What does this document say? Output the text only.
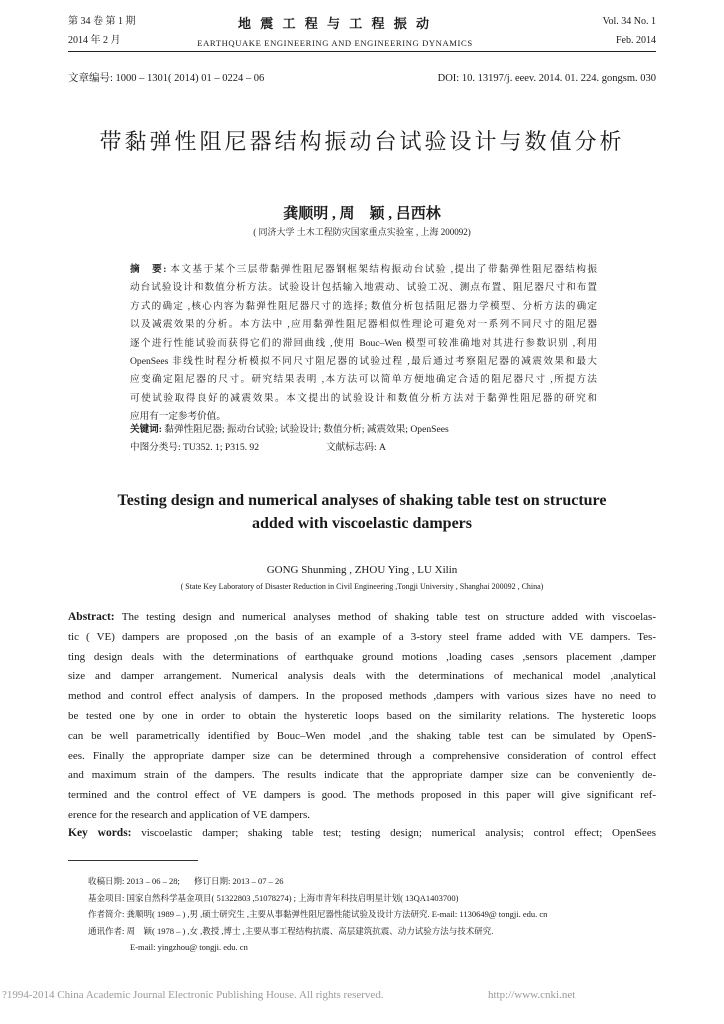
第 34 卷 第 1 期
2014 年 2 月
地 震 工 程 与 工 程 振 动
EARTHQUAKE ENGINEERING AND ENGINEERING DYNAMICS
Vol. 34 No. 1
Feb. 2014
文章编号: 1000 – 1301( 2014) 01 – 0224 – 06	DOI: 10. 13197/j. eeev. 2014. 01. 224. gongsm. 030
带黏弹性阻尼器结构振动台试验设计与数值分析
龚顺明 , 周　颖 , 吕西林
( 同济大学 土木工程防灾国家重点实验室 , 上海 200092)
摘　要: 本文基于某个三层带黏弹性阻尼器钢框架结构振动台试验 ,提出了带黏弹性阻尼器结构振
动台试验设计和数值分析方法。试验设计包括输入地震动、试验工况、测点布置、阻尼器尺寸和布置
方式的确定 ,核心内容为黏弹性阻尼器尺寸的选择; 数值分析包括阻尼器力学模型、分析方法的确定
以及减震效果的分析。本方法中 ,应用黏弹性阻尼器相似性理论可避免对一系列不同尺寸的阻尼器
逐个进行性能试验而获得它们的滞回曲线 ,使用 Bouc–Wen 模型可较准确地对其进行参数识别 ,利用
OpenSees 非线性时程分析模拟不同尺寸阻尼器的试验过程 ,最后通过考察阻尼器的减震效果和最大
应变确定阻尼器的尺寸。研究结果表明 ,本方法可以简单方便地确定合适的阻尼器尺寸 ,所提方法
可使试验取得良好的减震效果。本文提出的试验设计和数值分析方法对于黏弹性阻尼器的研究和
应用有一定参考价值。
关键词: 黏弹性阻尼器; 振动台试验; 试验设计; 数值分析; 减震效果; OpenSees
中图分类号: TU352. 1; P315. 92	文献标志码: A
Testing design and numerical analyses of shaking table test on structure
added with viscoelastic dampers
GONG Shunming , ZHOU Ying , LU Xilin
( State Key Laboratory of Disaster Reduction in Civil Engineering ,Tongji University , Shanghai 200092 , China)
Abstract: The testing design and numerical analyses method of shaking table test on structure added with viscoelas-
tic ( VE) dampers are proposed ,on the basis of an example of a 3-story steel frame added with VE dampers. Tes-
ting design deals with the determinations of earthquake ground motions ,loading cases ,sensors placement ,damper
size and damper arrangement. Numerical analysis deals with the determinations of mechanical model ,analytical
method and control effect analysis of dampers. In the proposed methods ,dampers with various sizes have no need to
be tested one by one in order to obtain the hysteretic loops based on the similarity relations. The hysteretic loops
can be well parametrically identified by Bouc–Wen model ,and the shaking table test can be simulated by OpenS-
ees. Finally the appropriate damper size can be determined through a comprehensive consideration of control effect
and maximum strain of the dampers. The results indicate that the appropriate damper size can be conveniently de-
termined and the control effect of VE dampers is good. The methods proposed in this paper will give significant ref-
erence for the research and application of VE dampers.
Key words: viscoelastic damper; shaking table test; testing design; numerical analysis; control effect; OpenSees
收稿日期: 2013 – 06 – 28; 修订日期: 2013 – 07 – 26
基金项目: 国家自然科学基金项目( 51322803 ,51078274) ; 上海市青年科技启明星计划( 13QA1403700)
作者简介: 龚顺明( 1989 – ) ,男 ,硕士研究生 ,主要从事黏弹性阻尼器性能试验及设计方法研究. E-mail: 1130649@ tongji. edu. cn
通讯作者: 周　颖( 1978 – ) ,女 ,教授 ,博士 ,主要从事工程结构抗震、高层建筑抗震、动力试验方法与技术研究.
E-mail: yingzhou@ tongji. edu. cn
?1994-2014 China Academic Journal Electronic Publishing House. All rights reserved.	http://www.cnki.net
